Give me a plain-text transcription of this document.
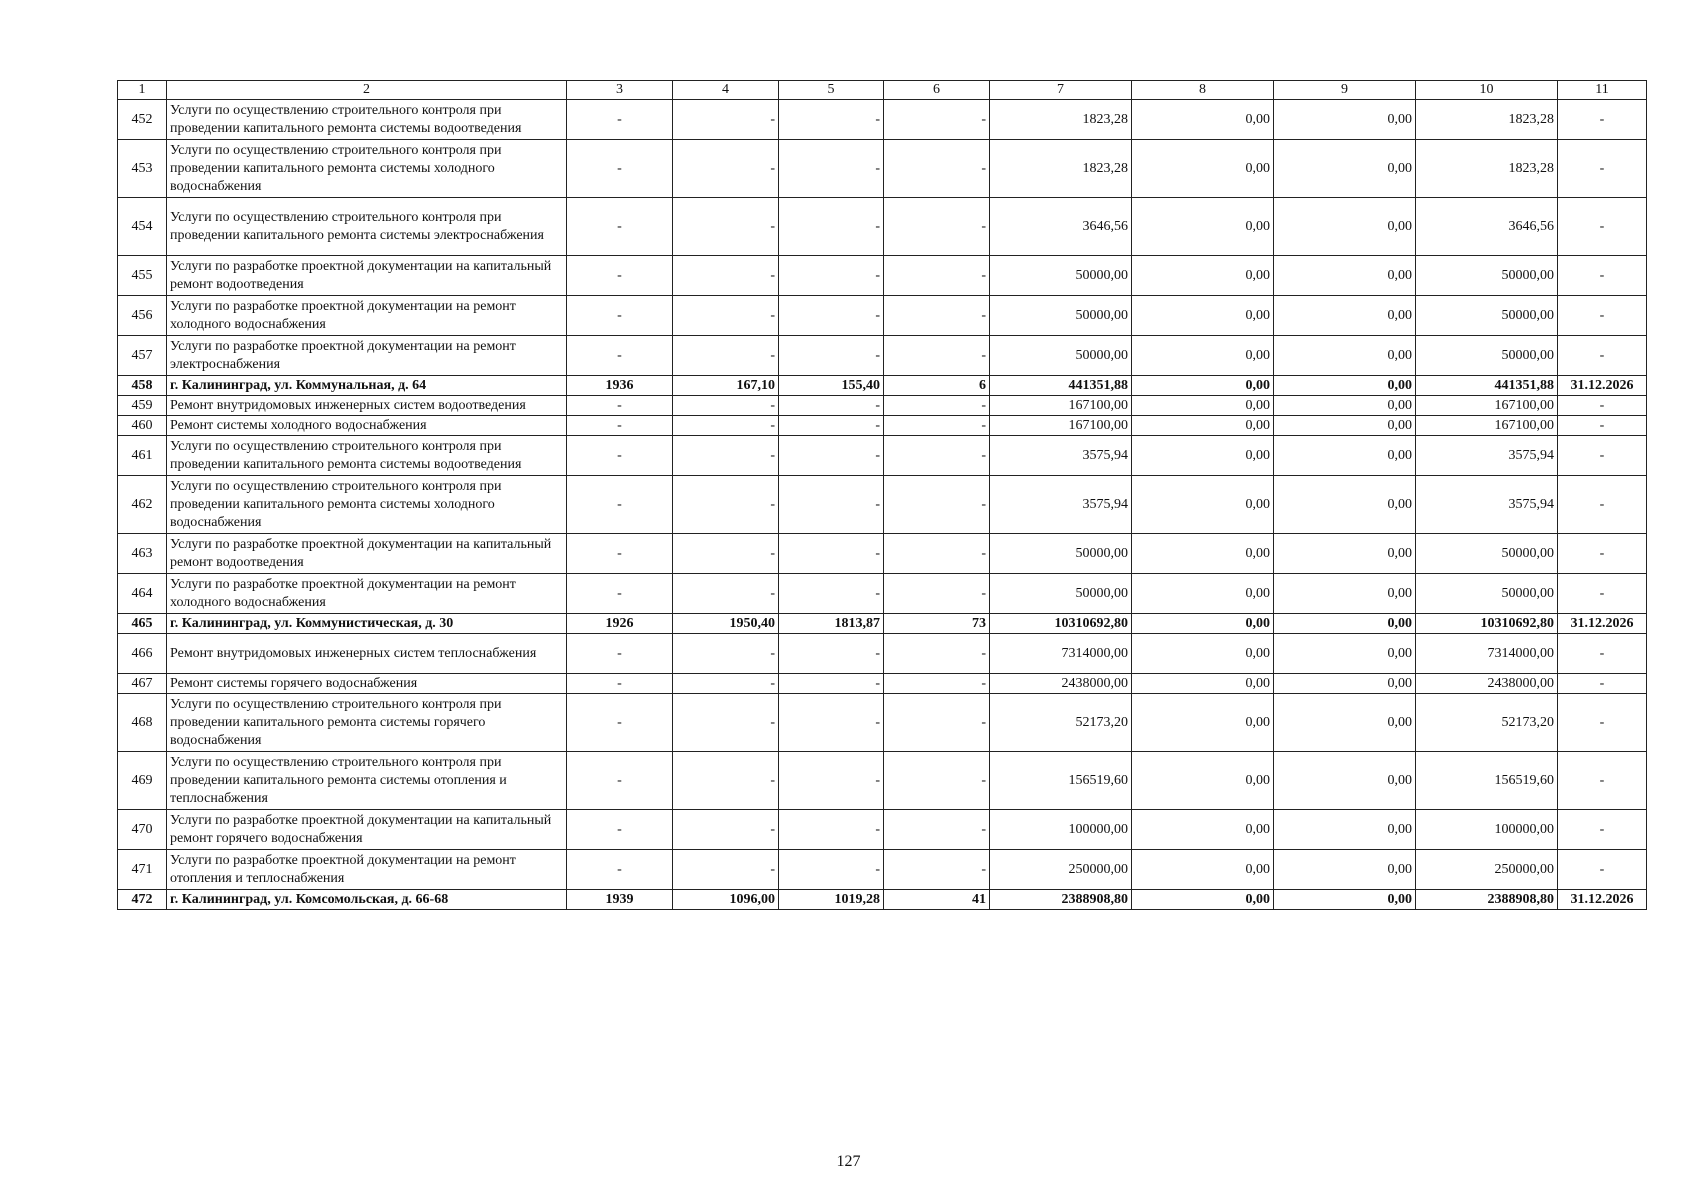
1	2	3	4	5	6	7	8	9	10	11
452	Услуги по осуществлению строительного контроля при проведении капитального ремонта системы водоотведения	-	-	-	-	1823,28	0,00	0,00	1823,28	-
453	Услуги по осуществлению строительного контроля при проведении капитального ремонта системы холодного водоснабжения	-	-	-	-	1823,28	0,00	0,00	1823,28	-
454	Услуги по осуществлению строительного контроля при проведении капитального ремонта системы электроснабжения	-	-	-	-	3646,56	0,00	0,00	3646,56	-
455	Услуги по разработке проектной документации на капитальный ремонт водоотведения	-	-	-	-	50000,00	0,00	0,00	50000,00	-
456	Услуги по разработке проектной документации на ремонт холодного водоснабжения	-	-	-	-	50000,00	0,00	0,00	50000,00	-
457	Услуги по разработке проектной документации на ремонт электроснабжения	-	-	-	-	50000,00	0,00	0,00	50000,00	-
458	г. Калининград, ул. Коммунальная, д. 64	1936	167,10	155,40	6	441351,88	0,00	0,00	441351,88	31.12.2026
459	Ремонт внутридомовых инженерных систем водоотведения	-	-	-	-	167100,00	0,00	0,00	167100,00	-
460	Ремонт системы холодного водоснабжения	-	-	-	-	167100,00	0,00	0,00	167100,00	-
461	Услуги по осуществлению строительного контроля при проведении капитального ремонта системы водоотведения	-	-	-	-	3575,94	0,00	0,00	3575,94	-
462	Услуги по осуществлению строительного контроля при проведении капитального ремонта системы холодного водоснабжения	-	-	-	-	3575,94	0,00	0,00	3575,94	-
463	Услуги по разработке проектной документации на капитальный ремонт водоотведения	-	-	-	-	50000,00	0,00	0,00	50000,00	-
464	Услуги по разработке проектной документации на ремонт холодного водоснабжения	-	-	-	-	50000,00	0,00	0,00	50000,00	-
465	г. Калининград, ул. Коммунистическая, д. 30	1926	1950,40	1813,87	73	10310692,80	0,00	0,00	10310692,80	31.12.2026
466	Ремонт внутридомовых инженерных систем теплоснабжения	-	-	-	-	7314000,00	0,00	0,00	7314000,00	-
467	Ремонт системы горячего водоснабжения	-	-	-	-	2438000,00	0,00	0,00	2438000,00	-
468	Услуги по осуществлению строительного контроля при проведении капитального ремонта системы горячего водоснабжения	-	-	-	-	52173,20	0,00	0,00	52173,20	-
469	Услуги по осуществлению строительного контроля при проведении капитального ремонта системы отопления и теплоснабжения	-	-	-	-	156519,60	0,00	0,00	156519,60	-
470	Услуги по разработке проектной документации на капитальный ремонт горячего водоснабжения	-	-	-	-	100000,00	0,00	0,00	100000,00	-
471	Услуги по разработке проектной документации на ремонт отопления и теплоснабжения	-	-	-	-	250000,00	0,00	0,00	250000,00	-
472	г. Калининград, ул. Комсомольская, д. 66-68	1939	1096,00	1019,28	41	2388908,80	0,00	0,00	2388908,80	31.12.2026
127
